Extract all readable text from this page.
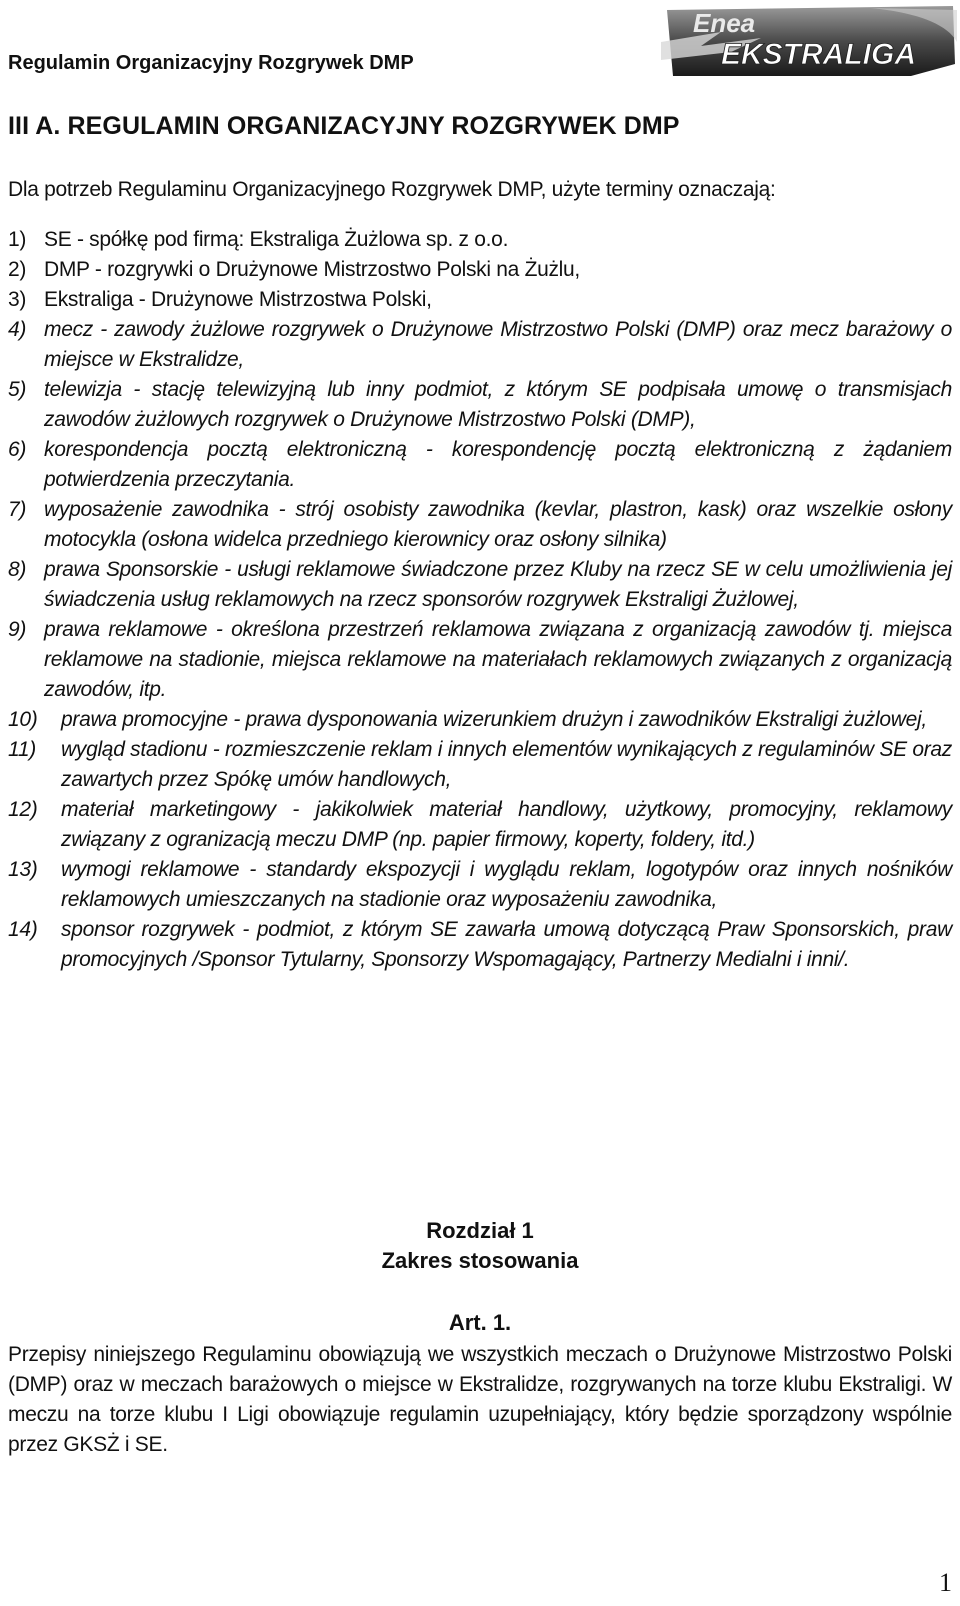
Regulamin Organizacyjny Rozgrywek DMP
Enea
EKSTRALIGA
III A. REGULAMIN ORGANIZACYJNY ROZGRYWEK DMP
Dla potrzeb Regulaminu Organizacyjnego Rozgrywek DMP, użyte terminy oznaczają:
1) SE - spółkę pod firmą: Ekstraliga Żużlowa sp. z o.o.
2) DMP - rozgrywki o Drużynowe Mistrzostwo Polski na Żużlu,
3) Ekstraliga - Drużynowe Mistrzostwa Polski,
4) mecz - zawody żużlowe rozgrywek o Drużynowe Mistrzostwo Polski (DMP) oraz mecz barażowy o miejsce w Ekstralidze,
5) telewizja - stację telewizyjną lub inny podmiot, z którym SE podpisała umowę o transmisjach zawodów żużlowych rozgrywek o Drużynowe Mistrzostwo Polski (DMP),
6) korespondencja pocztą elektroniczną - korespondencję pocztą elektroniczną z żądaniem potwierdzenia przeczytania.
7) wyposażenie zawodnika - strój osobisty zawodnika (kevlar, plastron, kask) oraz wszelkie osłony motocykla (osłona widelca przedniego kierownicy oraz osłony silnika)
8) prawa Sponsorskie - usługi reklamowe świadczone przez Kluby na rzecz SE w celu umożliwienia jej świadczenia usług reklamowych na rzecz sponsorów rozgrywek Ekstraligi Żużlowej,
9) prawa reklamowe - określona przestrzeń reklamowa związana z organizacją zawodów tj. miejsca reklamowe na stadionie, miejsca reklamowe na materiałach reklamowych związanych z organizacją zawodów, itp.
10)	prawa promocyjne - prawa dysponowania wizerunkiem drużyn i zawodników Ekstraligi żużlowej,
11)	wygląd stadionu - rozmieszczenie reklam i innych elementów wynikających z regulaminów SE oraz zawartych przez Spókę umów handlowych,
12)	materiał marketingowy - jakikolwiek materiał handlowy, użytkowy, promocyjny, reklamowy związany z ogranizacją meczu DMP (np. papier firmowy, koperty, foldery, itd.)
13)	wymogi reklamowe - standardy ekspozycji i wyglądu reklam, logotypów oraz innych nośników reklamowych umieszczanych na stadionie oraz wyposażeniu zawodnika,
14)	sponsor rozgrywek - podmiot, z którym SE zawarła umową dotyczącą Praw Sponsorskich, praw promocyjnych /Sponsor Tytularny, Sponsorzy Wspomagający, Partnerzy Medialni i inni/.
Rozdział 1
Zakres stosowania
Art. 1.
Przepisy niniejszego Regulaminu obowiązują we wszystkich meczach o Drużynowe Mistrzostwo Polski (DMP) oraz w meczach barażowych o miejsce w Ekstralidze, rozgrywanych na torze klubu Ekstraligi. W meczu na torze klubu I Ligi obowiązuje regulamin uzupełniający, który będzie sporządzony wspólnie przez GKSŻ i SE.
1
